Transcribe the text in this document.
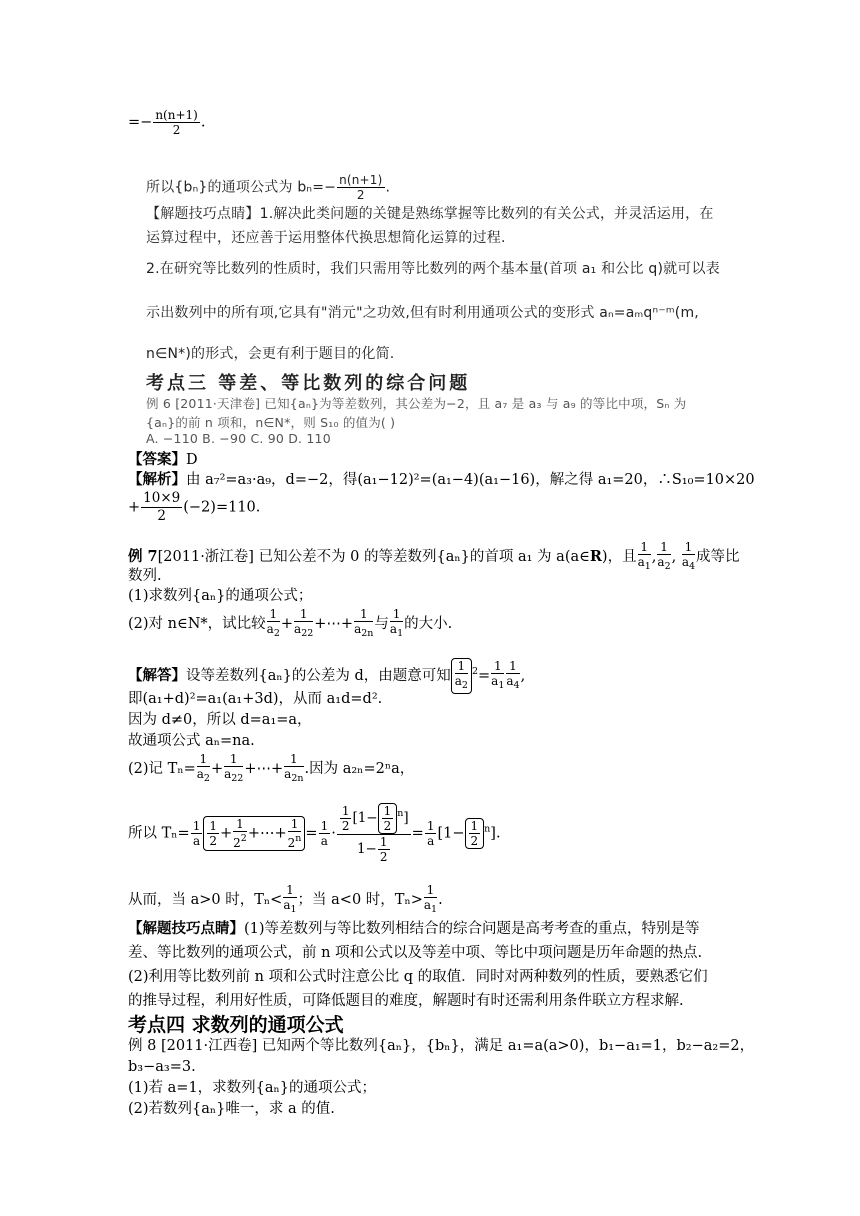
=− $\frac{n(n+1)}{2}$ .
所以{bₙ}的通项公式为 $b_n=- \frac{n(n+1)}{2}$ .
【解题技巧点睛】1.解决此类问题的关键是熟练掌握等比数列的有关公式，并灵活运用，在
运算过程中，还应善于运用整体代换思想简化运算的过程.
2.在研究等比数列的性质时，我们只需用等比数列的两个基本量(首项 a₁ 和公比 q)就可以表
示出数列中的所有项,它具有"消元"之功效,但有时利用通项公式的变形式 aₙ=aₘqⁿ⁻ᵐ(m,
n∈N*)的形式，会更有利于题目的化简.
考点三 等差、等比数列的综合问题
例 6 [2011·天津卷] 已知{aₙ}为等差数列，其公差为−2，且 a₇ 是 a₃ 与 a₉ 的等比中项，Sₙ 为
{aₙ}的前 n 项和，n∈N*，则 S₁₀ 的值为( )
A. −110 B. −90 C. 90 D. 110
【答案】D
【解析】由 a₇²=a₃·a₉，d=−2，得(a₁−12)²=(a₁−4)(a₁−16)，解之得 a₁=20，∴S₁₀=10×20
+ $\frac{10\times 9}{2} (-2)=110$.
例 7[2011·浙江卷] 已知公差不为 0 的等差数列{aₙ}的首项 a₁ 为 a(a∈R)，且 $\frac{1}{a_1}$ , $\frac{1}{a_2}$ , $\frac{1}{a_4}$ 成等比
数列.
(1)求数列{aₙ}的通项公式；
(2)对 n∈N*，试比较 $\frac{1}{a_2} + \frac{1}{a_{22}}$ +⋯+ $\frac{1}{a_{2n}}$ 与 $\frac{1}{a_1}$ 的大小.
【解答】设等差数列{aₙ}的公差为 d，由题意可知 $\frac{1}{a_2} ^2= \frac{1}{a_1} \frac{1}{a_4}$ ,
即(a₁+d)²=a₁(a₁+3d)，从而 a₁d=d².
因为 d≠0，所以 d=a₁=a，
故通项公式 aₙ=na.
(2)记 $T_n= \frac{1}{a_2} + \frac{1}{a_{22}}$ +⋯+ $\frac{1}{a_{2n}}$ .因为 a₂ₙ=2ⁿa，
所以 $T_n= \frac{1}{a} \frac{1}{2} + \frac{1}{2^2}$ +⋯+ $\frac{1}{2^n} = \frac{1}{a} \cdot \frac{\frac{1}{2} [1- \frac{1}{2} ^n]}{1- \frac{1}{2}} = \frac{1}{a} [1- \frac{1}{2} ^n]$.
从而，当 a>0 时，$T_n< \frac{1}{a_1}$ ；当 a<0 时，$T_n> \frac{1}{a_1}$ .
【解题技巧点睛】(1)等差数列与等比数列相结合的综合问题是高考考查的重点，特别是等
差、等比数列的通项公式，前 n 项和公式以及等差中项、等比中项问题是历年命题的热点.
(2)利用等比数列前 n 项和公式时注意公比 q 的取值．同时对两种数列的性质，要熟悉它们
的推导过程，利用好性质，可降低题目的难度，解题时有时还需利用条件联立方程求解.
考点四 求数列的通项公式
例 8 [2011·江西卷] 已知两个等比数列{aₙ}，{bₙ}，满足 a₁=a(a>0)，b₁−a₁=1，b₂−a₂=2，
b₃−a₃=3.
(1)若 a=1，求数列{aₙ}的通项公式；
(2)若数列{aₙ}唯一，求 a 的值.
